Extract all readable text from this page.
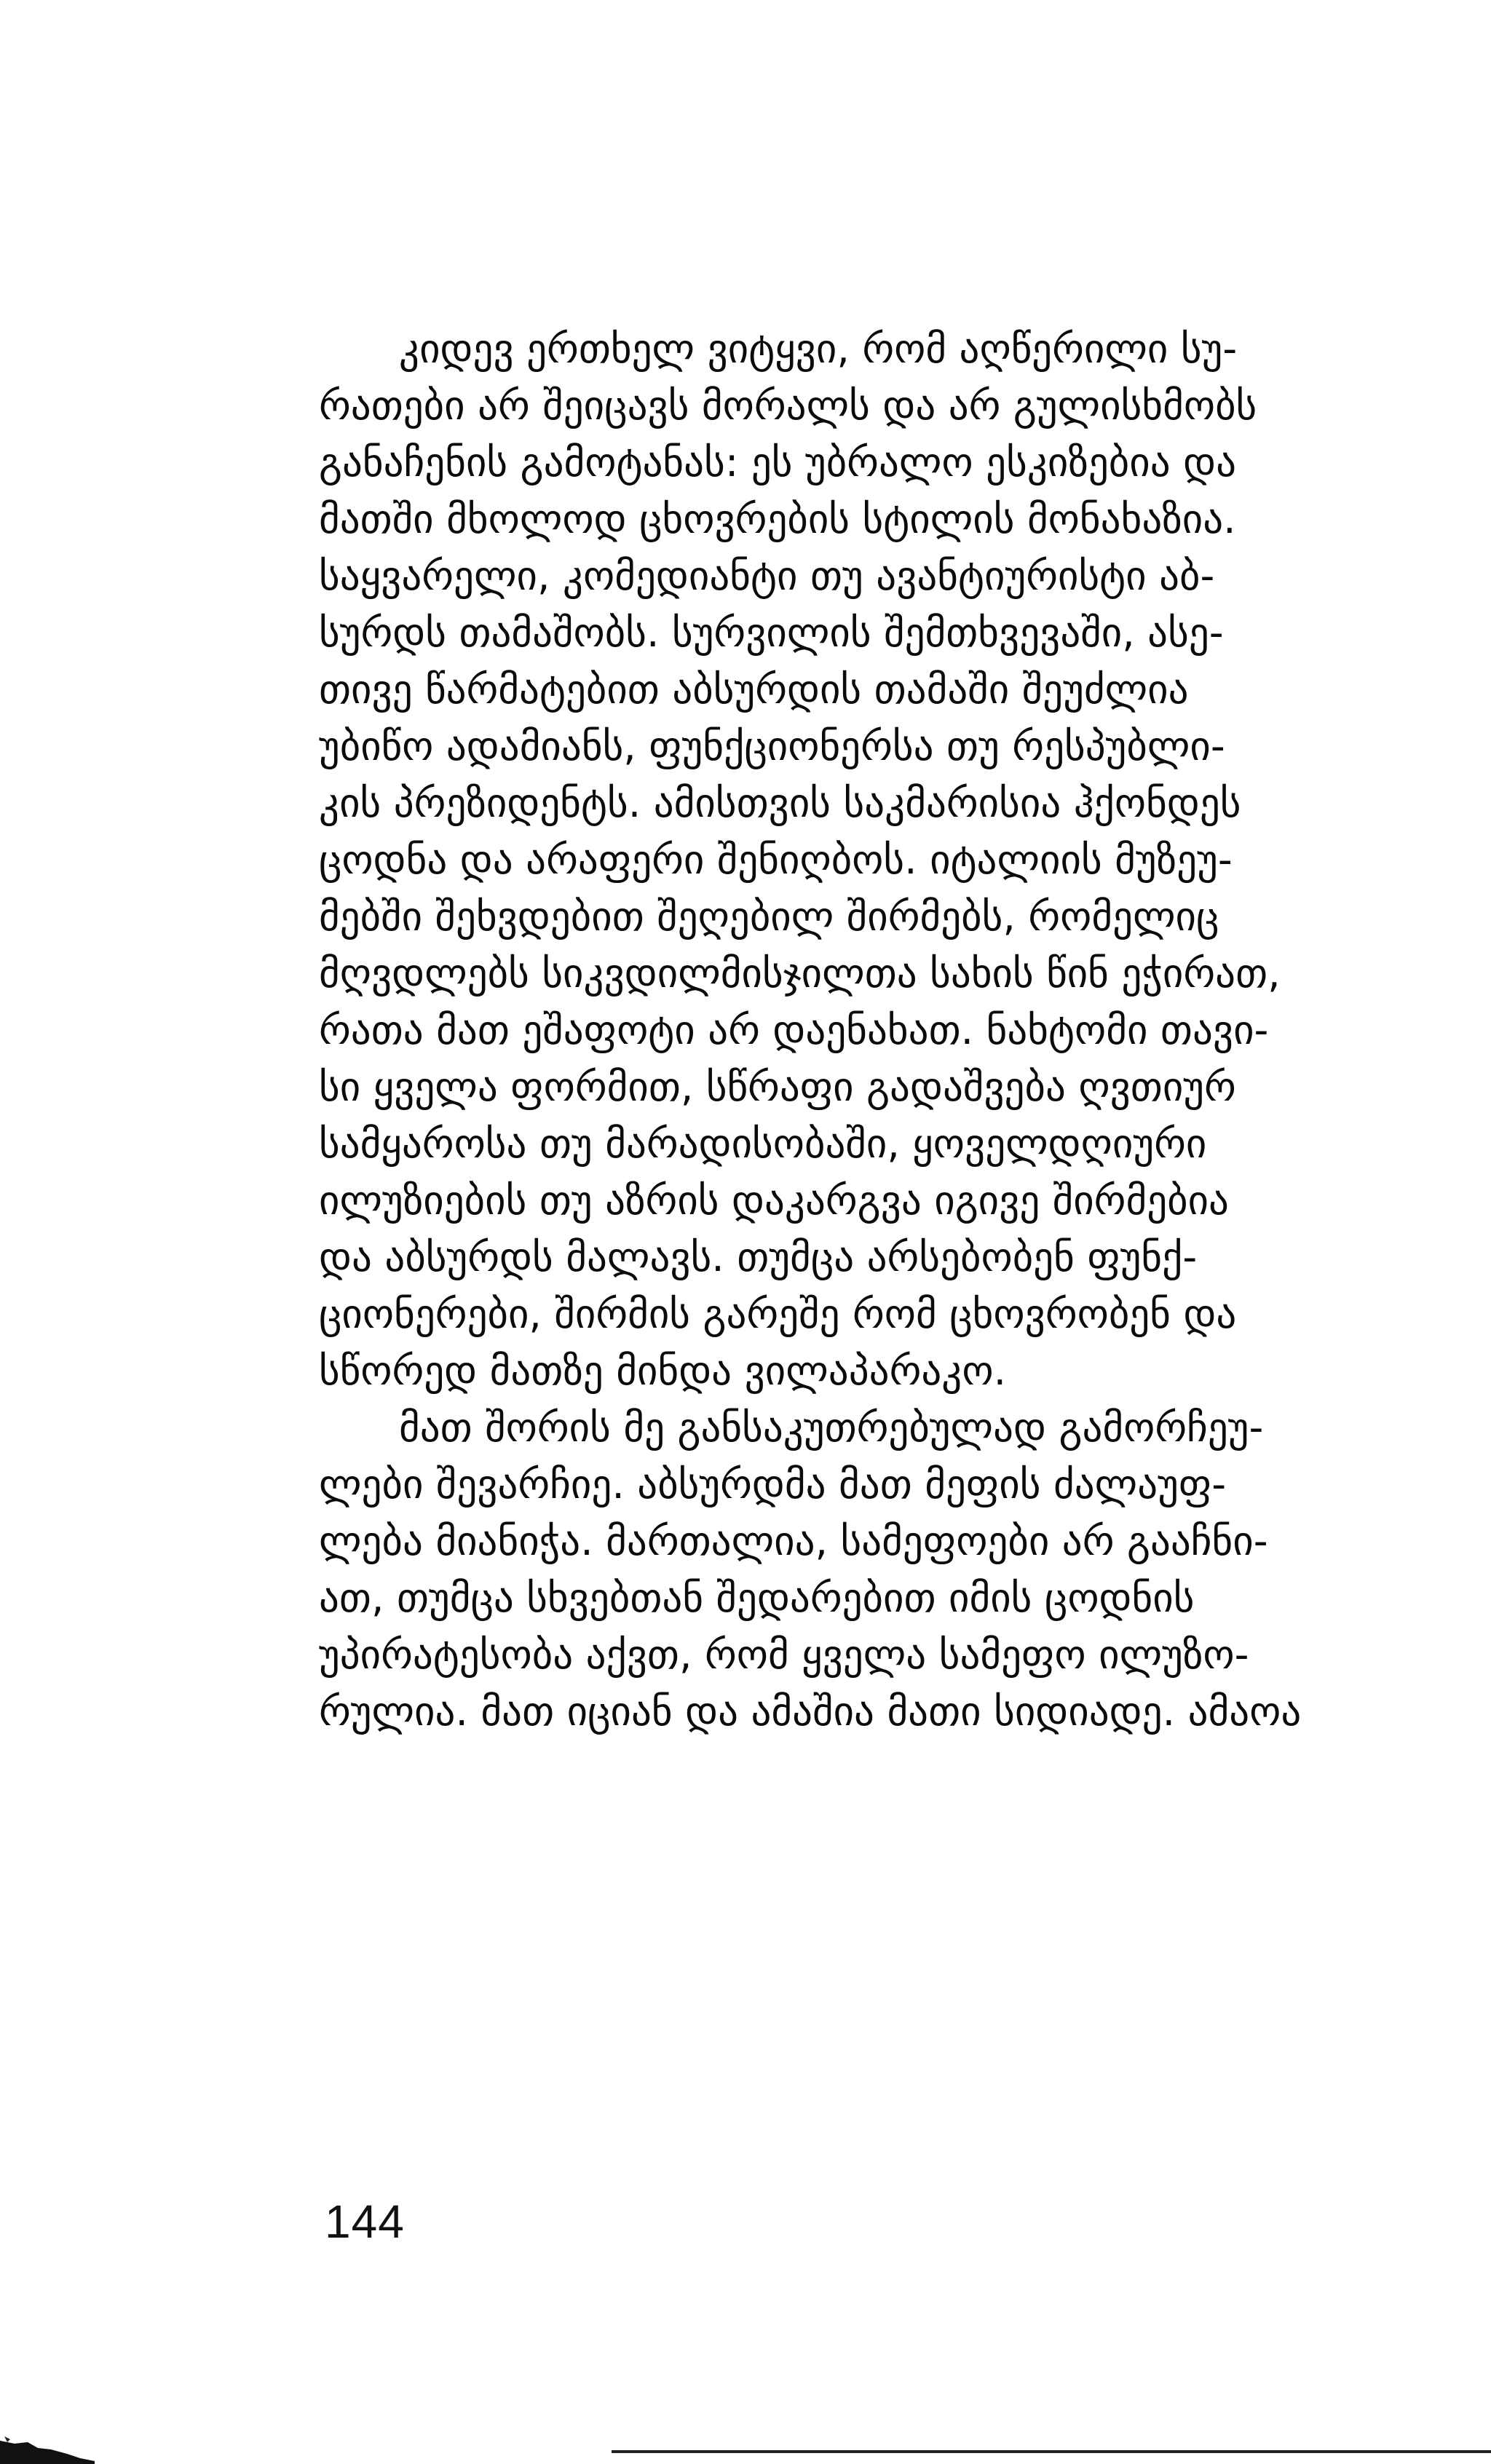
კიდევ ერთხელ ვიტყვი, რომ აღწერილი სუ-
რათები არ შეიცავს მორალს და არ გულისხმობს
განაჩენის გამოტანას: ეს უბრალო ესკიზებია და
მათში მხოლოდ ცხოვრების სტილის მონახაზია.
საყვარელი, კომედიანტი თუ ავანტიურისტი აბ-
სურდს თამაშობს. სურვილის შემთხვევაში, ასე-
თივე წარმატებით აბსურდის თამაში შეუძლია
უბიწო ადამიანს, ფუნქციონერსა თუ რესპუბლი-
კის პრეზიდენტს. ამისთვის საკმარისია ჰქონდეს
ცოდნა და არაფერი შენიღბოს. იტალიის მუზეუ-
მებში შეხვდებით შეღებილ შირმებს, რომელიც
მღვდლებს სიკვდილმისჯილთა სახის წინ ეჭირათ,
რათა მათ ეშაფოტი არ დაენახათ. ნახტომი თავი-
სი ყველა ფორმით, სწრაფი გადაშვება ღვთიურ
სამყაროსა თუ მარადისობაში, ყოველდღიური
ილუზიების თუ აზრის დაკარგვა იგივე შირმებია
და აბსურდს მალავს. თუმცა არსებობენ ფუნქ-
ციონერები, შირმის გარეშე რომ ცხოვრობენ და
სწორედ მათზე მინდა ვილაპარაკო.
მათ შორის მე განსაკუთრებულად გამორჩეუ-
ლები შევარჩიე. აბსურდმა მათ მეფის ძალაუფ-
ლება მიანიჭა. მართალია, სამეფოები არ გააჩნი-
ათ, თუმცა სხვებთან შედარებით იმის ცოდნის
უპირატესობა აქვთ, რომ ყველა სამეფო ილუზო-
რულია. მათ იციან და ამაშია მათი სიდიადე. ამაოა
144
